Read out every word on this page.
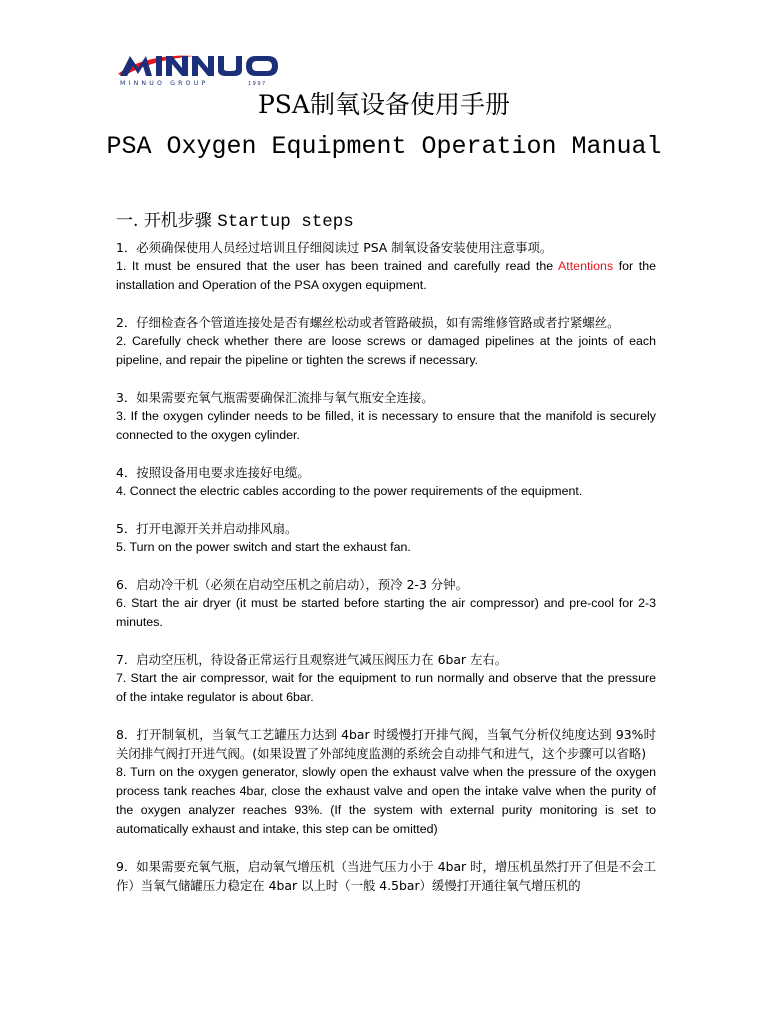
MINNUO GROUP	1997
PSA制氧设备使用手册
PSA Oxygen Equipment Operation Manual
一. 开机步骤 Startup steps

1．必须确保使用人员经过培训且仔细阅读过 PSA 制氧设备安装使用注意事项。

1. It must be ensured that the user has been trained and carefully read the Attentions for the installation and Operation of the PSA oxygen equipment.

2．仔细检查各个管道连接处是否有螺丝松动或者管路破损，如有需维修管路或者拧紧螺丝。

2. Carefully check whether there are loose screws or damaged pipelines at the joints of each pipeline, and repair the pipeline or tighten the screws if necessary.

3．如果需要充氧气瓶需要确保汇流排与氧气瓶安全连接。

3. If the oxygen cylinder needs to be filled, it is necessary to ensure that the manifold is securely connected to the oxygen cylinder.

4．按照设备用电要求连接好电缆。

4. Connect the electric cables according to the power requirements of the equipment.

5．打开电源开关并启动排风扇。

5. Turn on the power switch and start the exhaust fan.

6．启动冷干机（必须在启动空压机之前启动），预冷 2-3 分钟。

6. Start the air dryer (it must be started before starting the air compressor) and pre-cool for 2-3 minutes.

7．启动空压机，待设备正常运行且观察进气减压阀压力在 6bar 左右。

7. Start the air compressor, wait for the equipment to run normally and observe that the pressure of the intake regulator is about 6bar.

8．打开制氧机，当氧气工艺罐压力达到 4bar 时缓慢打开排气阀，当氧气分析仪纯度达到 93%时关闭排气阀打开进气阀。(如果设置了外部纯度监测的系统会自动排气和进气，这个步骤可以省略)

8. Turn on the oxygen generator, slowly open the exhaust valve when the pressure of the oxygen process tank reaches 4bar, close the exhaust valve and open the intake valve when the purity of the oxygen analyzer reaches 93%. (If the system with external purity monitoring is set to automatically exhaust and intake, this step can be omitted)

9．如果需要充氧气瓶，启动氧气增压机（当进气压力小于 4bar 时，增压机虽然打开了但是不会工作）当氧气储罐压力稳定在 4bar 以上时（一般 4.5bar）缓慢打开通往氧气增压机的
